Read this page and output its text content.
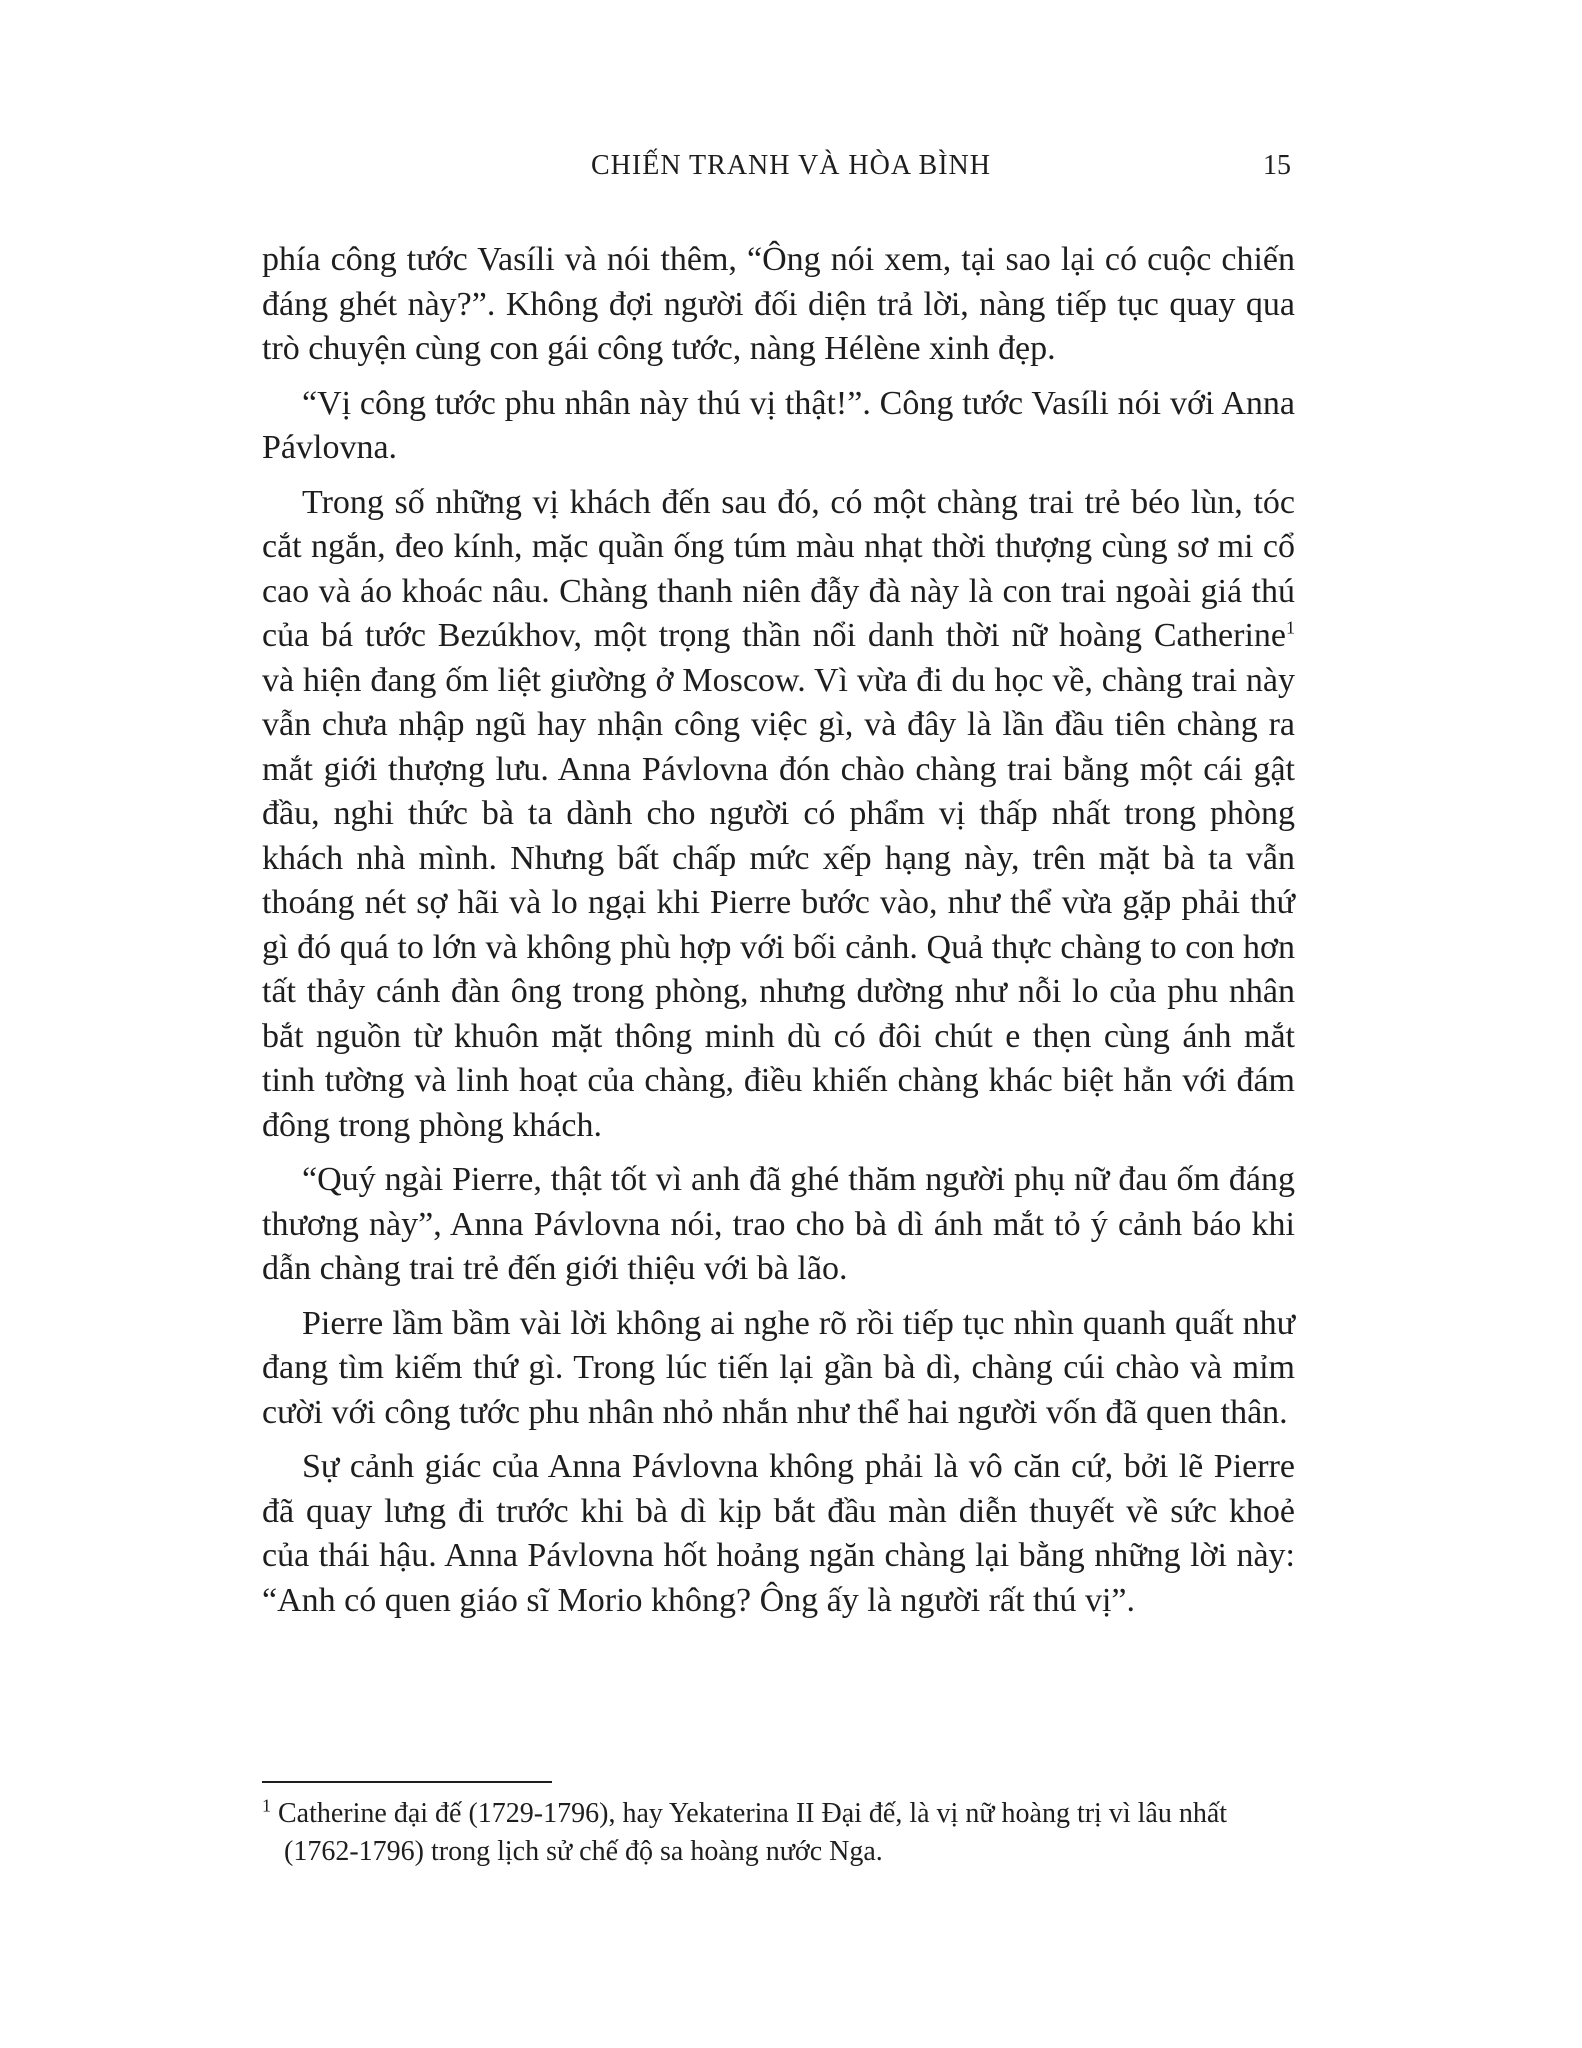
CHIẾN TRANH VÀ HÒA BÌNH	15

phía công tước Vasíli và nói thêm, “Ông nói xem, tại sao lại có cuộc chiến đáng ghét này?”. Không đợi người đối diện trả lời, nàng tiếp tục quay qua trò chuyện cùng con gái công tước, nàng Hélène xinh đẹp.

“Vị công tước phu nhân này thú vị thật!”. Công tước Vasíli nói với Anna Pávlovna.

Trong số những vị khách đến sau đó, có một chàng trai trẻ béo lùn, tóc cắt ngắn, đeo kính, mặc quần ống túm màu nhạt thời thượng cùng sơ mi cổ cao và áo khoác nâu. Chàng thanh niên đẫy đà này là con trai ngoài giá thú của bá tước Bezúkhov, một trọng thần nổi danh thời nữ hoàng Catherine$^1$ và hiện đang ốm liệt giường ở Moscow. Vì vừa đi du học về, chàng trai này vẫn chưa nhập ngũ hay nhận công việc gì, và đây là lần đầu tiên chàng ra mắt giới thượng lưu. Anna Pávlovna đón chào chàng trai bằng một cái gật đầu, nghi thức bà ta dành cho người có phẩm vị thấp nhất trong phòng khách nhà mình. Nhưng bất chấp mức xếp hạng này, trên mặt bà ta vẫn thoáng nét sợ hãi và lo ngại khi Pierre bước vào, như thể vừa gặp phải thứ gì đó quá to lớn và không phù hợp với bối cảnh. Quả thực chàng to con hơn tất thảy cánh đàn ông trong phòng, nhưng dường như nỗi lo của phu nhân bắt nguồn từ khuôn mặt thông minh dù có đôi chút e thẹn cùng ánh mắt tinh tường và linh hoạt của chàng, điều khiến chàng khác biệt hẳn với đám đông trong phòng khách.

“Quý ngài Pierre, thật tốt vì anh đã ghé thăm người phụ nữ đau ốm đáng thương này”, Anna Pávlovna nói, trao cho bà dì ánh mắt tỏ ý cảnh báo khi dẫn chàng trai trẻ đến giới thiệu với bà lão.

Pierre lầm bầm vài lời không ai nghe rõ rồi tiếp tục nhìn quanh quất như đang tìm kiếm thứ gì. Trong lúc tiến lại gần bà dì, chàng cúi chào và mỉm cười với công tước phu nhân nhỏ nhắn như thể hai người vốn đã quen thân.

Sự cảnh giác của Anna Pávlovna không phải là vô căn cứ, bởi lẽ Pierre đã quay lưng đi trước khi bà dì kịp bắt đầu màn diễn thuyết về sức khoẻ của thái hậu. Anna Pávlovna hốt hoảng ngăn chàng lại bằng những lời này: “Anh có quen giáo sĩ Morio không? Ông ấy là người rất thú vị”.

$^1$ Catherine đại đế (1729-1796), hay Yekaterina II Đại đế, là vị nữ hoàng trị vì lâu nhất (1762-1796) trong lịch sử chế độ sa hoàng nước Nga.
